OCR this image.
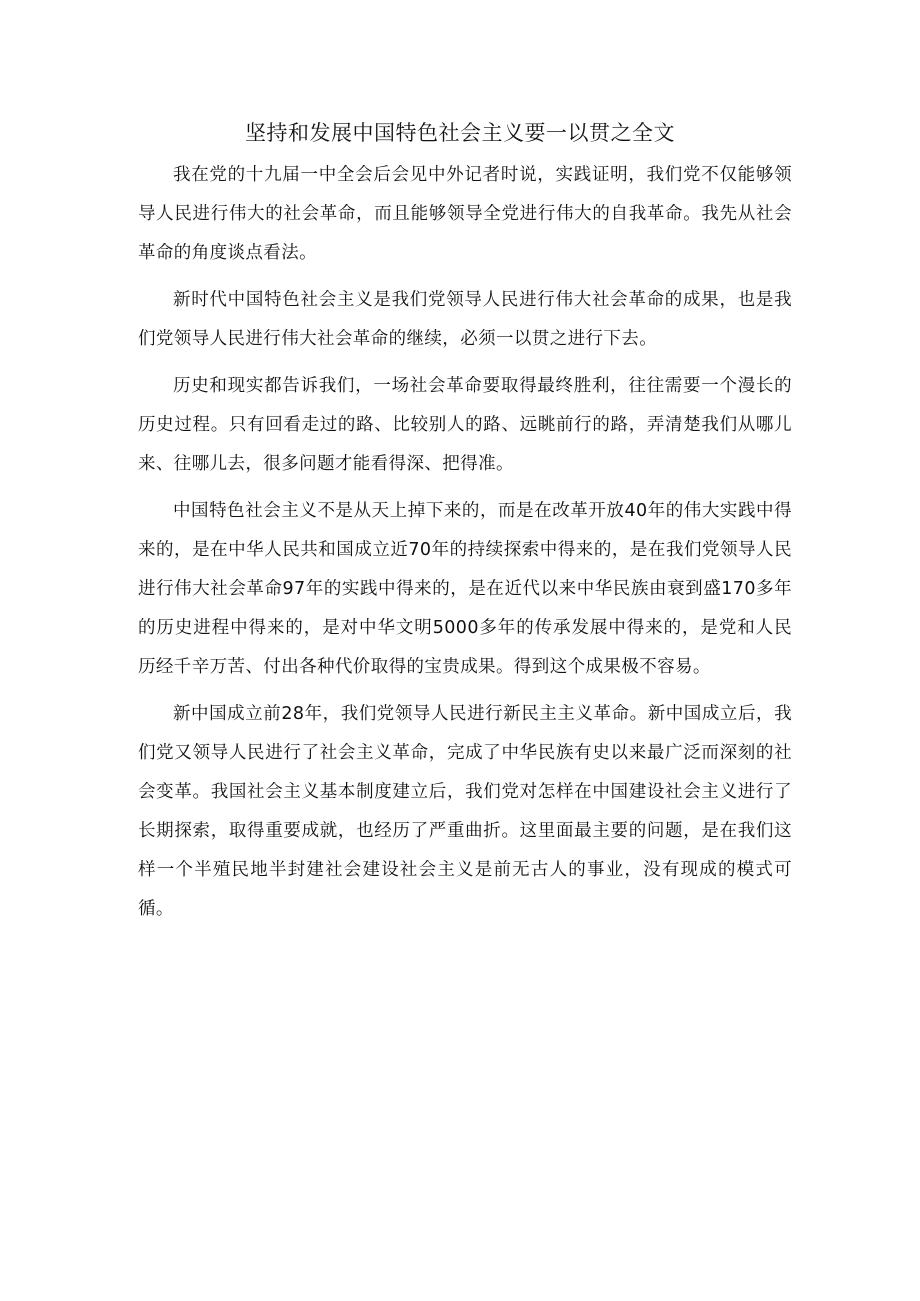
坚持和发展中国特色社会主义要一以贯之全文

我在党的十九届一中全会后会见中外记者时说，实践证明，我们党不仅能够领导人民进行伟大的社会革命，而且能够领导全党进行伟大的自我革命。我先从社会革命的角度谈点看法。

新时代中国特色社会主义是我们党领导人民进行伟大社会革命的成果，也是我们党领导人民进行伟大社会革命的继续，必须一以贯之进行下去。

历史和现实都告诉我们，一场社会革命要取得最终胜利，往往需要一个漫长的历史过程。只有回看走过的路、比较别人的路、远眺前行的路，弄清楚我们从哪儿来、往哪儿去，很多问题才能看得深、把得准。

中国特色社会主义不是从天上掉下来的，而是在改革开放40年的伟大实践中得来的，是在中华人民共和国成立近70年的持续探索中得来的，是在我们党领导人民进行伟大社会革命97年的实践中得来的，是在近代以来中华民族由衰到盛170多年的历史进程中得来的，是对中华文明5000多年的传承发展中得来的，是党和人民历经千辛万苦、付出各种代价取得的宝贵成果。得到这个成果极不容易。

新中国成立前28年，我们党领导人民进行新民主主义革命。新中国成立后，我们党又领导人民进行了社会主义革命，完成了中华民族有史以来最广泛而深刻的社会变革。我国社会主义基本制度建立后，我们党对怎样在中国建设社会主义进行了长期探索，取得重要成就，也经历了严重曲折。这里面最主要的问题，是在我们这样一个半殖民地半封建社会建设社会主义是前无古人的事业，没有现成的模式可循。
